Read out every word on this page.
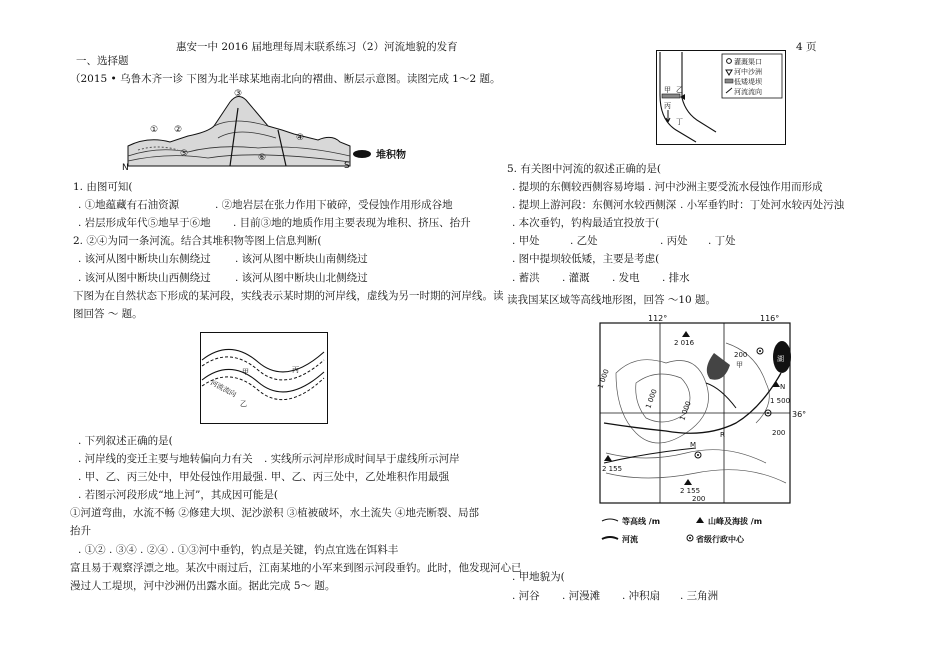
惠安一中 2016 届地理每周末联系练习（2）河流地貌的发育	4 页
一、选择题
（2015 • 乌鲁木齐一诊 下图为北半球某地南北向的褶曲、断层示意图。读图完成 1～2 题。
① ②
③
④
⑤	⑥
N	S
堆积物
1. 由图可知(
. ①地蕴藏有石油资源	. ②地岩层在张力作用下破碎，受侵蚀作用形成谷地
. 岩层形成年代⑤地早于⑥地 . 目前③地的地质作用主要表现为堆积、挤压、抬升
2. ②④为同一条河流。结合其堆积物等图上信息判断(
. 该河从图中断块山东侧绕过 . 该河从图中断块山南侧绕过
. 该河从图中断块山西侧绕过 . 该河从图中断块山北侧绕过
下图为在自然状态下形成的某河段，实线表示某时期的河岸线，虚线为另一时期的河岸线。读
图回答 ～ 题。
甲	丙
乙
河流流向
. 下列叙述正确的是(
. 河岸线的变迁主要与地转偏向力有关 . 实线所示河岸形成时间早于虚线所示河岸
. 甲、乙、丙三处中，甲处侵蚀作用最强 . 甲、乙、丙三处中，乙处堆积作用最强
. 若图示河段形成“地上河”，其成因可能是(
①河道弯曲，水流不畅 ②修建大坝、泥沙淤积 ③植被破坏，水土流失 ④地壳断裂、局部
抬升
. ①② . ③④ . ②④ . ①③河中垂钓，钓点是关键，钓点宜选在饵料丰
富且易于观察浮漂之地。某次中雨过后，江南某地的小军来到图示河段垂钓。此时，他发现河心已
漫过人工堤坝，河中沙洲仍出露水面。据此完成 5～ 题。
甲 乙
丙
丁
灌溉渠口
河中沙洲
低矮堤坝
河流流向
5. 有关图中河流的叙述正确的是(
. 提坝的东侧较西侧容易垮塌 . 河中沙洲主要受流水侵蚀作用而形成
. 提坝上游河段：东侧河水较西侧深 . 小军垂钓时：丁处河水较丙处污浊
. 本次垂钓，钓构最适宜投放于(
. 甲处	. 乙处	. 丙处 . 丁处
. 图中提坝较低矮，主要是考虑(
. 蓄洪 . 灌溉 . 发电 . 排水
读我国某区域等高线地形图，回答 ～10 题。
112°	116°
36°
湖
2 016
200
甲
1 000
1 000
1 000
N
1 500
200
M
R
2 155
2 155
200
等高线 /m	山峰及海拔 /m
河流	省级行政中心
. 甲地貌为(
. 河谷 . 河漫滩 . 冲积扇 . 三角洲
